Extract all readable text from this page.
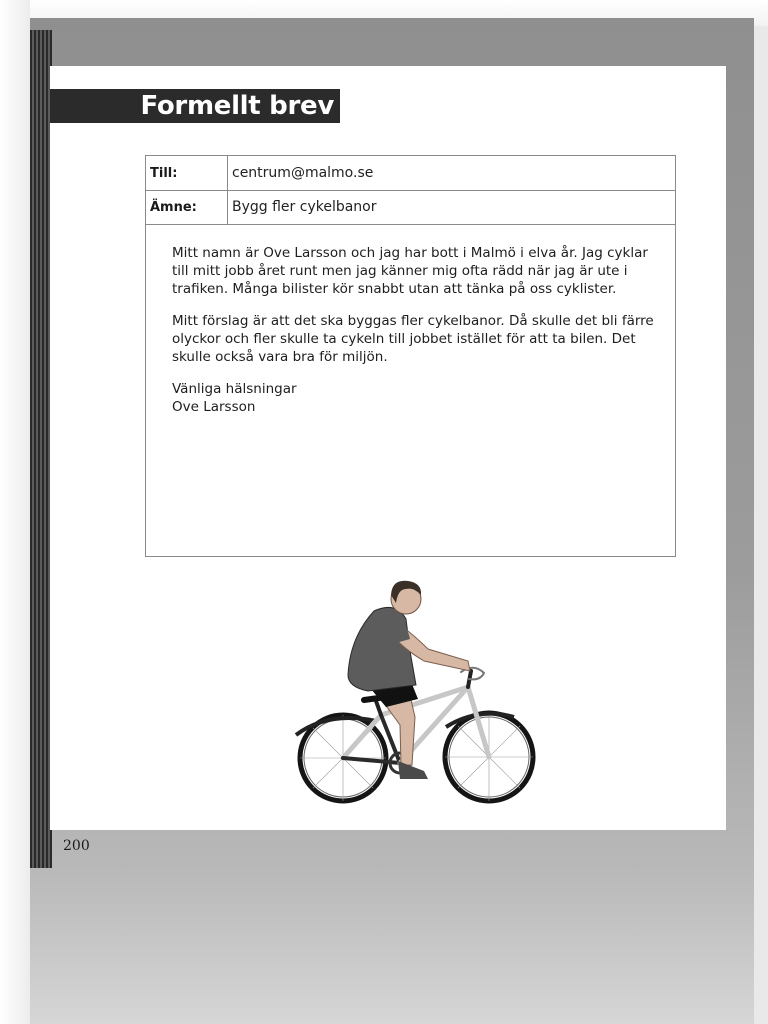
Formellt brev
Till:	centrum@malmo.se
Ämne:	Bygg fler cykelbanor

Mitt namn är Ove Larsson och jag har bott i Malmö i elva år. Jag cyklar till mitt jobb året runt men jag känner mig ofta rädd när jag är ute i trafiken. Många bilister kör snabbt utan att tänka på oss cyklister.

Mitt förslag är att det ska byggas fler cykelbanor. Då skulle det bli färre olyckor och fler skulle ta cykeln till jobbet istället för att ta bilen. Det skulle också vara bra för miljön.

Vänliga hälsningar
Ove Larsson
200
